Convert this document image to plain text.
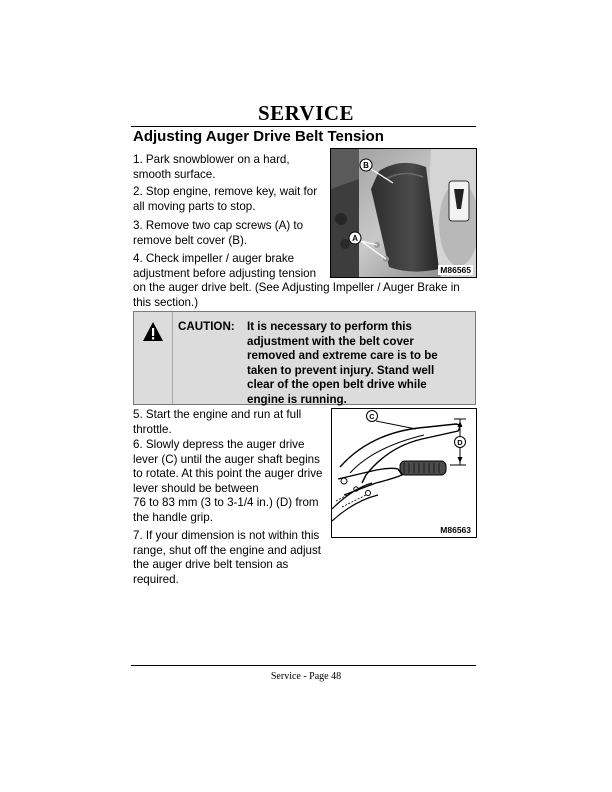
SERVICE
Adjusting Auger Drive Belt Tension
1. Park snowblower on a hard,
smooth surface.
2. Stop engine, remove key, wait for
all moving parts to stop.
3. Remove two cap screws (A) to
remove belt cover (B).
4. Check impeller / auger brake
adjustment before adjusting tension
on the auger drive belt. (See Adjusting Impeller / Auger Brake in
this section.)
B
A
M86565
CAUTION: It is necessary to perform this
adjustment with the belt cover
removed and extreme care is to be
taken to prevent injury. Stand well
clear of the open belt drive while
engine is running.
5. Start the engine and run at full
throttle.
6. Slowly depress the auger drive
lever (C) until the auger shaft begins
to rotate. At this point the auger drive
lever should be between
76 to 83 mm (3 to 3-1/4 in.) (D) from
the handle grip.
7. If your dimension is not within this
range, shut off the engine and adjust
the auger drive belt tension as
required.
C
D
M86563
Service - Page 48
